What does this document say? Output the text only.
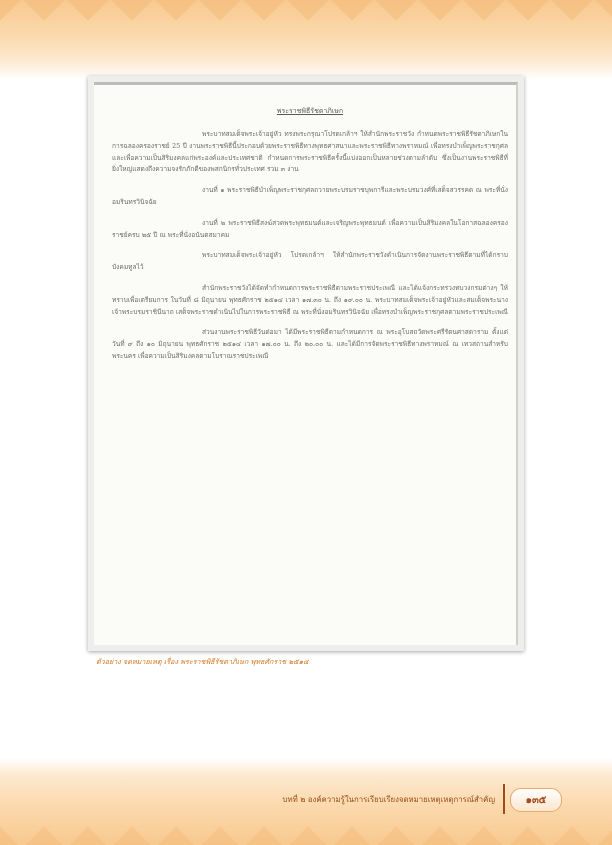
พระราชพิธีรัชดาภิเษก

พระบาทสมเด็จพระเจ้าอยู่หัว ทรงพระกรุณาโปรดเกล้าฯ ให้สำนักพระราชวัง กำหนดพระราชพิธีรัชดาภิเษกในการฉลองครองราชย์ 25 ปี งานพระราชพิธีนี้ประกอบด้วยพระราชพิธีทางพุทธศาสนาและพระราชพิธีทางพราหมณ์ เพื่อทรงบำเพ็ญพระราชกุศลและเพื่อความเป็นสิริมงคลแก่พระองค์และประเทศชาติ กำหนดการพระราชพิธีครั้งนี้แบ่งออกเป็นหลายช่วงตามลำดับ ซึ่งเป็นงานพระราชพิธีที่ยิ่งใหญ่แสดงถึงความจงรักภักดีของพสกนิกรทั่วประเทศ รวม ๓ งาน

งานที่ ๑ พระราชพิธีบำเพ็ญพระราชกุศลถวายพระบรมราชบุพการีและพระบรมวงศ์ที่เสด็จสวรรคต ณ พระที่นั่งอมรินทรวินิจฉัย

งานที่ ๒ พระราชพิธีสงฆ์สวดพระพุทธมนต์และเจริญพระพุทธมนต์ เพื่อความเป็นสิริมงคลในโอกาสฉลองครองราชย์ครบ ๒๕ ปี ณ พระที่นั่งอนันตสมาคม

พระบาทสมเด็จพระเจ้าอยู่หัว โปรดเกล้าฯ ให้สำนักพระราชวังดำเนินการจัดงานพระราชพิธีตามที่ได้กราบบังคมทูลไว้

สำนักพระราชวังได้จัดทำกำหนดการพระราชพิธีตามพระราชประเพณี และได้แจ้งกระทรวงทบวงกรมต่างๆ ให้ทราบเพื่อเตรียมการ ในวันที่ ๘ มิถุนายน พุทธศักราช ๒๕๑๔ เวลา ๑๗.๓๐ น. ถึง ๑๙.๐๐ น. พระบาทสมเด็จพระเจ้าอยู่หัวและสมเด็จพระนางเจ้าพระบรมราชินีนาถ เสด็จพระราชดำเนินไปในการพระราชพิธี ณ พระที่นั่งอมรินทรวินิจฉัย เพื่อทรงบำเพ็ญพระราชกุศลตามพระราชประเพณี

ส่วนงานพระราชพิธีวันต่อมา ได้มีพระราชพิธีตามกำหนดการ ณ พระอุโบสถวัดพระศรีรัตนศาสดาราม ตั้งแต่วันที่ ๙ ถึง ๑๐ มิถุนายน พุทธศักราช ๒๕๑๔ เวลา ๑๗.๐๐ น. ถึง ๒๐.๐๐ น. และได้มีการจัดพระราชพิธีทางพราหมณ์ ณ เทวสถานสำหรับพระนคร เพื่อความเป็นสิริมงคลตามโบราณราชประเพณี

ตัวอย่าง จดหมายเหตุ เรื่อง พระราชพิธีรัชดาภิเษก พุทธศักราช ๒๕๑๔
บทที่ ๒ องค์ความรู้ในการเรียบเรียงจดหมายเหตุเหตุการณ์สำคัญ	๑๓๕
